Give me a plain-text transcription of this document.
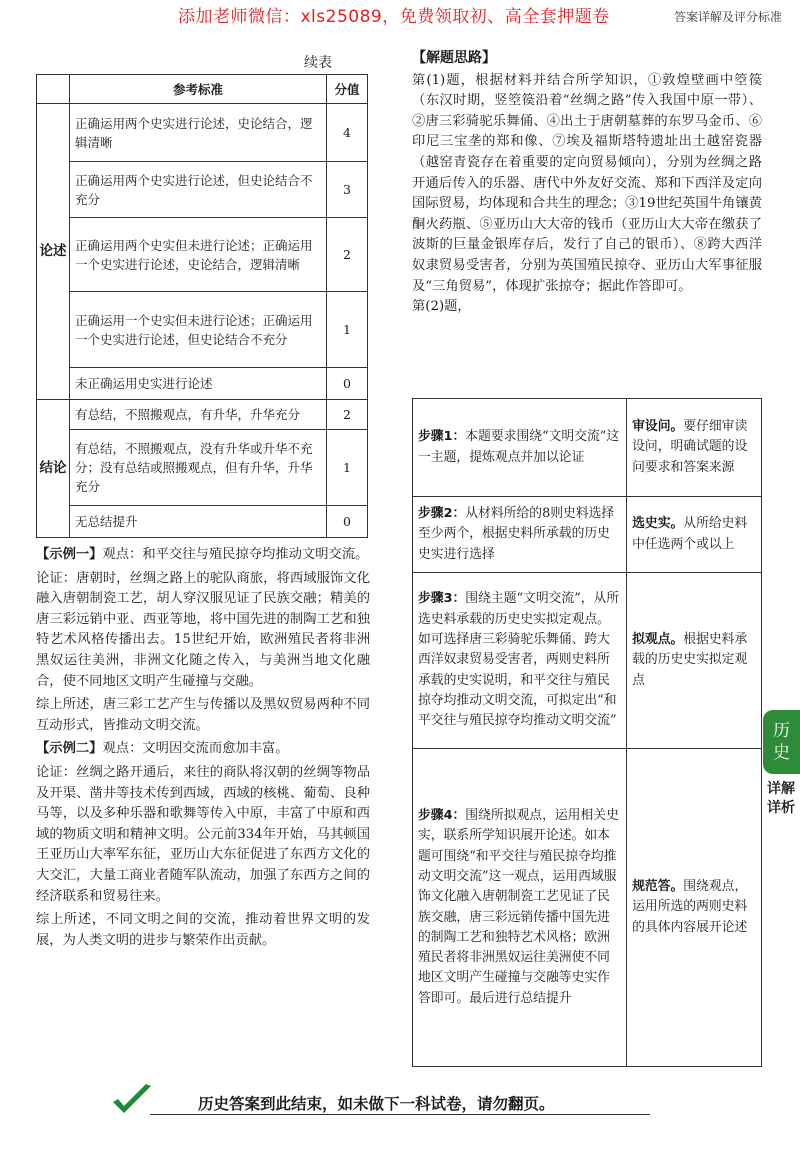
添加老师微信：xls25089，免费领取初、高全套押题卷	答案详解及评分标准
续表
	参考标准	分值
论述	正确运用两个史实进行论述，史论结合，逻辑清晰	4
	正确运用两个史实进行论述，但史论结合不充分	3
	正确运用两个史实但未进行论述；正确运用一个史实进行论述，史论结合，逻辑清晰	2
	正确运用一个史实但未进行论述；正确运用一个史实进行论述，但史论结合不充分	1
	未正确运用史实进行论述	0
结论	有总结，不照搬观点，有升华，升华充分	2
	有总结，不照搬观点，没有升华或升华不充分；没有总结或照搬观点，但有升华，升华充分	1
	无总结提升	0

【示例一】观点：和平交往与殖民掠夺均推动文明交流。

论证：唐朝时，丝绸之路上的驼队商旅，将西域服饰文化融入唐朝制瓷工艺，胡人穿汉服见证了民族交融；精美的唐三彩远销中亚、西亚等地，将中国先进的制陶工艺和独特艺术风格传播出去。15世纪开始，欧洲殖民者将非洲黑奴运往美洲，非洲文化随之传入，与美洲当地文化融合，使不同地区文明产生碰撞与交融。

综上所述，唐三彩工艺产生与传播以及黑奴贸易两种不同互动形式，皆推动文明交流。

【示例二】观点：文明因交流而愈加丰富。

论证：丝绸之路开通后，来往的商队将汉朝的丝绸等物品及开渠、凿井等技术传到西域，西域的核桃、葡萄、良种马等，以及多种乐器和歌舞等传入中原，丰富了中原和西域的物质文明和精神文明。公元前334年开始，马其顿国王亚历山大率军东征，亚历山大东征促进了东西方文化的大交汇，大量工商业者随军队流动，加强了东西方之间的经济联系和贸易往来。

综上所述，不同文明之间的交流，推动着世界文明的发展，为人类文明的进步与繁荣作出贡献。

【解题思路】

第(1)题，根据材料并结合所学知识，①敦煌壁画中箜篌（东汉时期，竖箜篌沿着“丝绸之路”传入我国中原一带）、②唐三彩骑驼乐舞俑、④出土于唐朝墓葬的东罗马金币、⑥印尼三宝垄的郑和像、⑦埃及福斯塔特遗址出土越窑瓷器（越窑青瓷存在着重要的定向贸易倾向），分别为丝绸之路开通后传入的乐器、唐代中外友好交流、郑和下西洋及定向国际贸易，均体现和合共生的理念；③19世纪英国牛角镶黄酮火药瓶、⑤亚历山大大帝的钱币（亚历山大大帝在缴获了波斯的巨量金银库存后，发行了自己的银币）、⑧跨大西洋奴隶贸易受害者，分别为英国殖民掠夺、亚历山大军事征服及“三角贸易”，体现扩张掠夺；据此作答即可。

第(2)题，

步骤1：本题要求围绕“文明交流”这一主题，提炼观点并加以论证	审设问。要仔细审读设问，明确试题的设问要求和答案来源
步骤2：从材料所给的8则史料选择至少两个，根据史料所承载的历史史实进行选择	选史实。从所给史料中任选两个或以上
步骤3：围绕主题“文明交流”，从所选史料承载的历史史实拟定观点。如可选择唐三彩骑驼乐舞俑、跨大西洋奴隶贸易受害者，两则史料所承载的史实说明，和平交往与殖民掠夺均推动文明交流，可拟定出“和平交往与殖民掠夺均推动文明交流”	拟观点。根据史料承载的历史史实拟定观点
步骤4：围绕所拟观点，运用相关史实，联系所学知识展开论述。如本题可围绕“和平交往与殖民掠夺均推动文明交流”这一观点，运用西域服饰文化融入唐朝制瓷工艺见证了民族交融，唐三彩远销传播中国先进的制陶工艺和独特艺术风格；欧洲殖民者将非洲黑奴运往美洲使不同地区文明产生碰撞与交融等史实作答即可。最后进行总结提升	规范答。围绕观点，运用所选的两则史料的具体内容展开论述
历
史
详解详析
历史答案到此结束，如未做下一科试卷，请勿翻页。
